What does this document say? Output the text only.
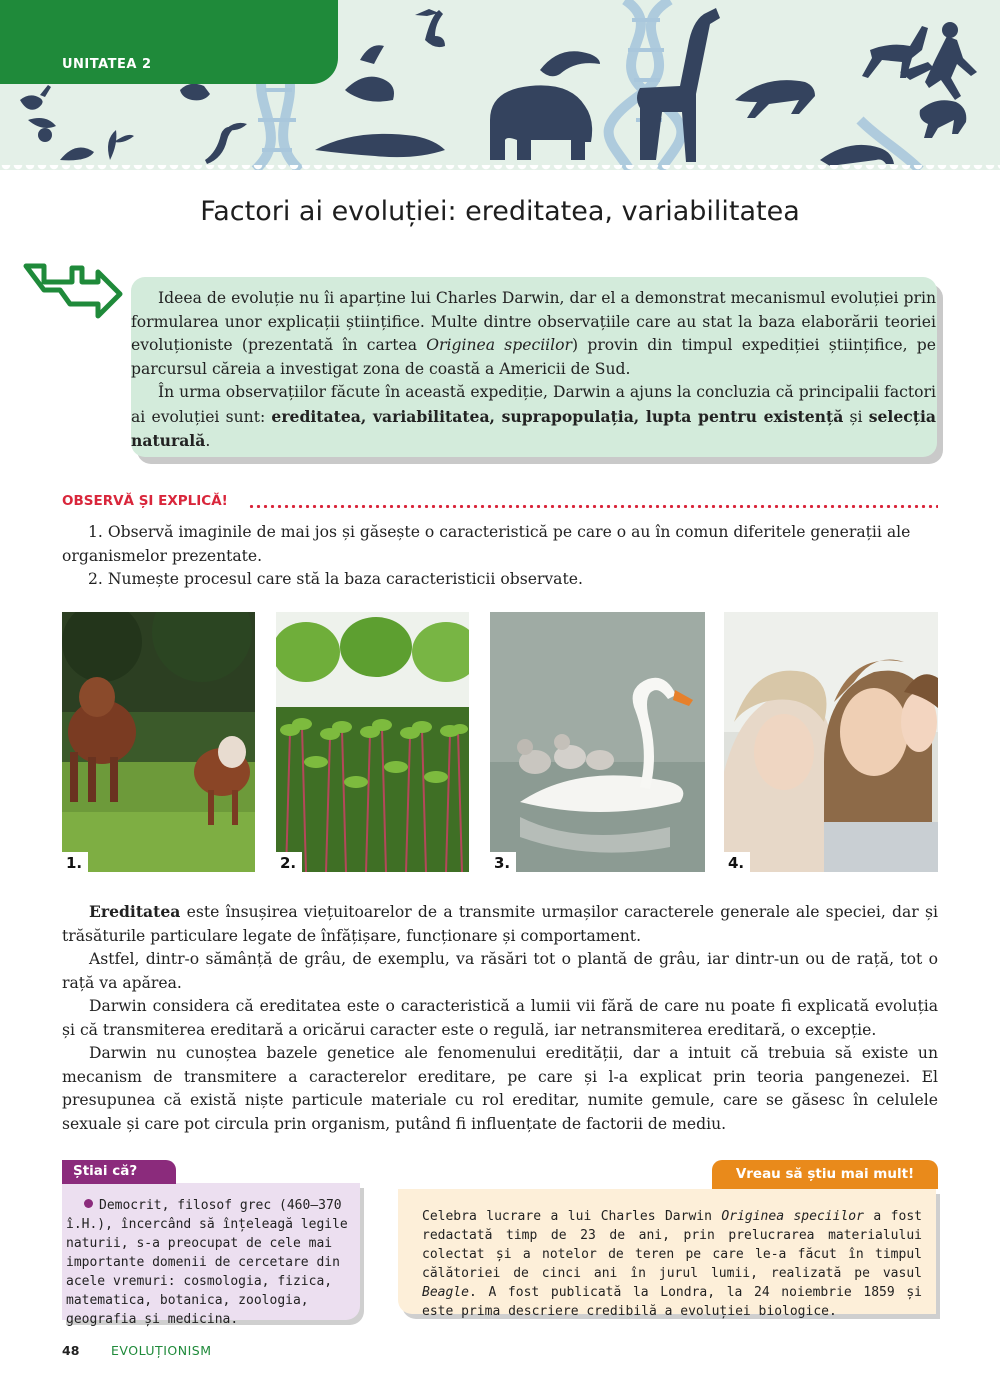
UNITATEA 2
Factori ai evoluției: ereditatea, variabilitatea

Ideea de evoluție nu îi aparține lui Charles Darwin, dar el a demonstrat mecanismul evoluției prin formularea unor explicații științifice. Multe dintre observațiile care au stat la baza elaborării teoriei evoluționiste (prezentată în cartea Originea speciilor) provin din timpul expediției științifice, pe parcursul căreia a investigat zona de coastă a Americii de Sud.

În urma observațiilor făcute în această expediție, Darwin a ajuns la concluzia că principalii factori ai evoluției sunt: ereditatea, variabilitatea, suprapopulația, lupta pentru existență și selecția naturală.

OBSERVĂ ȘI EXPLICĂ!

1. Observă imaginile de mai jos și găsește o caracteristică pe care o au în comun diferitele generații ale organismelor prezentate.

2. Numește procesul care stă la baza caracteristicii observate.

1.	2.	3.	4.

Ereditatea este însușirea viețuitoarelor de a transmite urmașilor caracterele generale ale speciei, dar și trăsăturile particulare legate de înfățișare, funcționare și comportament.

Astfel, dintr-o sămânță de grâu, de exemplu, va răsări tot o plantă de grâu, iar dintr-un ou de rață, tot o rață va apărea.

Darwin considera că ereditatea este o caracteristică a lumii vii fără de care nu poate fi explicată evoluția și că transmiterea ereditară a oricărui caracter este o regulă, iar netransmiterea ereditară, o excepție.

Darwin nu cunoștea bazele genetice ale fenomenului eredității, dar a intuit că trebuia să existe un mecanism de transmitere a caracterelor ereditare, pe care și l-a explicat prin teoria pangenezei. El presupunea că există niște particule materiale cu rol ereditar, numite gemule, care se găsesc în celulele sexuale și care pot circula prin organism, putând fi influențate de factorii de mediu.

Știai că?
Democrit, filosof grec (460–370 î.H.), încercând să înțeleagă legile naturii, s-a preocupat de cele mai importante domenii de cercetare din acele vremuri: cosmologia, fizica, matematica, botanica, zoologia, geografia și medicina.
Vreau să știu mai mult!
Celebra lucrare a lui Charles Darwin Originea speciilor a fost redactată timp de 23 de ani, prin prelucrarea materialului colectat și a notelor de teren pe care le-a făcut în timpul călătoriei de cinci ani în jurul lumii, realizată pe vasul Beagle. A fost publicată la Londra, la 24 noiembrie 1859 și este prima descriere credibilă a evoluției biologice.
48	EVOLUȚIONISM
